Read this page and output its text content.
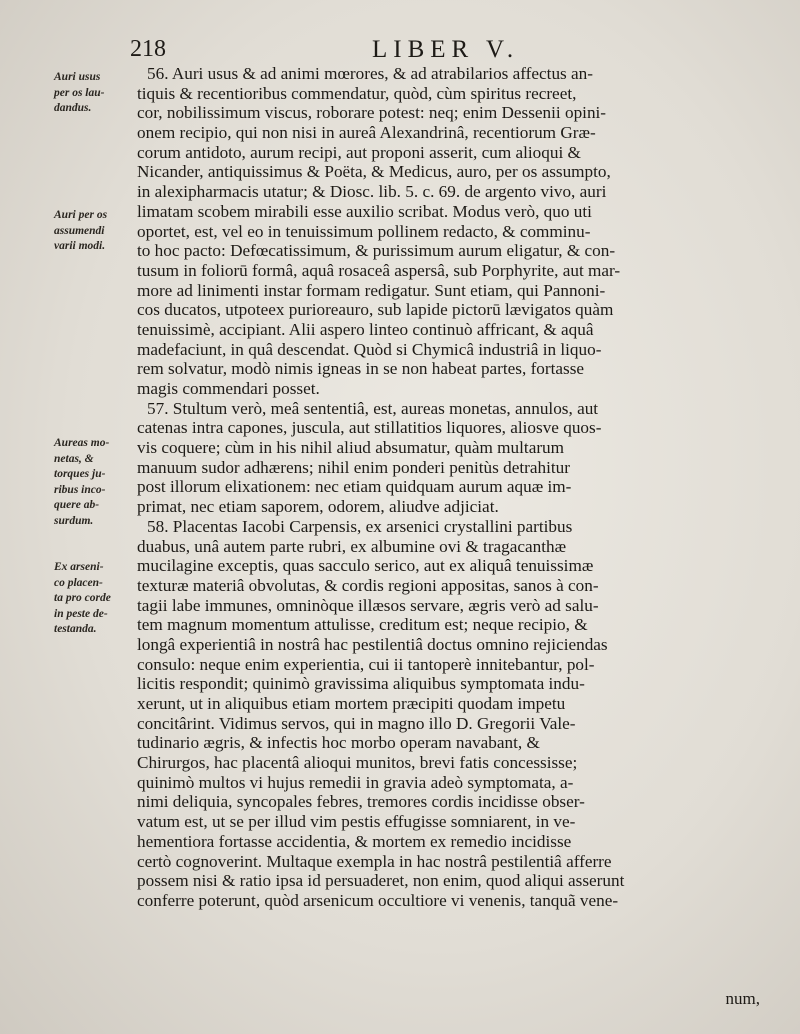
218	LIBER V.
Auri usus
per os lau-
dandus.
Auri per os
assumendi
varii modi.
Aureas mo-
netas, &
torques ju-
ribus inco-
quere ab-
surdum.
Ex arseni-
co placen-
ta pro corde
in peste de-
testanda.
56. Auri usus & ad animi mœrores, & ad atrabilarios affectus an-
tiquis & recentioribus commendatur, quòd, cùm spiritus recreet,
cor, nobilissimum viscus, roborare potest: neq; enim Dessenii opini-
onem recipio, qui non nisi in aureâ Alexandrinâ, recentiorum Græ-
corum antidoto, aurum recipi, aut proponi asserit, cum alioqui &
Nicander, antiquissimus & Poëta, & Medicus, auro, per os assumpto,
in alexipharmacis utatur; & Diosc. lib. 5. c. 69. de argento vivo, auri
limatam scobem mirabili esse auxilio scribat. Modus verò, quo uti
oportet, est, vel eo in tenuissimum pollinem redacto, & comminu-
to hoc pacto: Defœcatissimum, & purissimum aurum eligatur, & con-
tusum in foliorū formâ, aquâ rosaceâ aspersâ, sub Porphyrite, aut mar-
more ad linimenti instar formam redigatur. Sunt etiam, qui Pannoni-
cos ducatos, utpoteex purioreauro, sub lapide pictorū lævigatos quàm
tenuissimè, accipiant. Alii aspero linteo continuò affricant, & aquâ
madefaciunt, in quâ descendat. Quòd si Chymicâ industriâ in liquo-
rem solvatur, modò nimis igneas in se non habeat partes, fortasse
magis commendari posset.
57. Stultum verò, meâ sententiâ, est, aureas monetas, annulos, aut
catenas intra capones, juscula, aut stillatitios liquores, aliosve quos-
vis coquere; cùm in his nihil aliud absumatur, quàm multarum
manuum sudor adhærens; nihil enim ponderi penitùs detrahitur
post illorum elixationem: nec etiam quidquam aurum aquæ im-
primat, nec etiam saporem, odorem, aliudve adjiciat.
58. Placentas Iacobi Carpensis, ex arsenici crystallini partibus
duabus, unâ autem parte rubri, ex albumine ovi & tragacanthæ
mucilagine exceptis, quas sacculo serico, aut ex aliquâ tenuissimæ
texturæ materiâ obvolutas, & cordis regioni appositas, sanos à con-
tagii labe immunes, omninòque illæsos servare, ægris verò ad salu-
tem magnum momentum attulisse, creditum est; neque recipio, &
longâ experientiâ in nostrâ hac pestilentiâ doctus omnino rejiciendas
consulo: neque enim experientia, cui ii tantoperè innitebantur, pol-
licitis respondit; quinimò gravissima aliquibus symptomata indu-
xerunt, ut in aliquibus etiam mortem præcipiti quodam impetu
concitârint. Vidimus servos, qui in magno illo D. Gregorii Vale-
tudinario ægris, & infectis hoc morbo operam navabant, &
Chirurgos, hac placentâ alioqui munitos, brevi fatis concessisse;
quinimò multos vi hujus remedii in gravia adeò symptomata, a-
nimi deliquia, syncopales febres, tremores cordis incidisse obser-
vatum est, ut se per illud vim pestis effugisse somniarent, in ve-
hementiora fortasse accidentia, & mortem ex remedio incidisse
certò cognoverint. Multaque exempla in hac nostrâ pestilentiâ afferre
possem nisi & ratio ipsa id persuaderet, non enim, quod aliqui asserunt
conferre poterunt, quòd arsenicum occultiore vi venenis, tanquã vene-
num,
